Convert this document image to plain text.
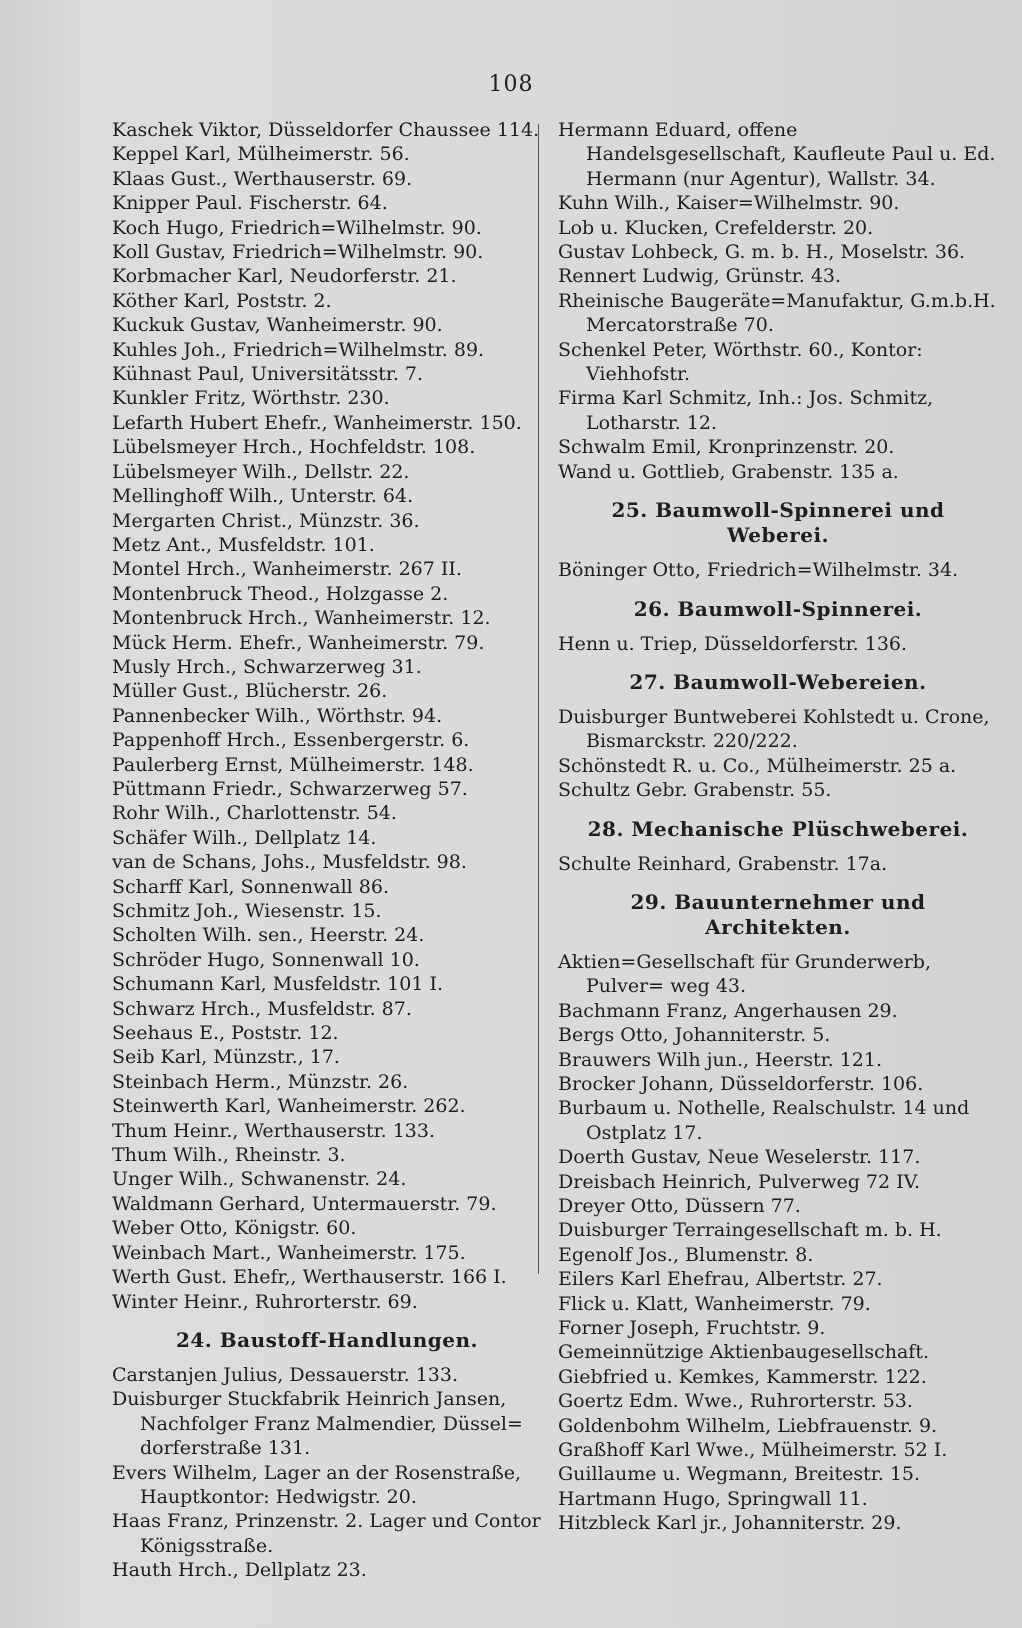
108
Kaschek Viktor, Düsseldorfer Chaussee 114.
Keppel Karl, Mülheimerstr. 56.
Klaas Gust., Werthauserstr. 69.
Knipper Paul. Fischerstr. 64.
Koch Hugo, Friedrich=Wilhelmstr. 90.
Koll Gustav, Friedrich=Wilhelmstr. 90.
Korbmacher Karl, Neudorferstr. 21.
Köther Karl, Poststr. 2.
Kuckuk Gustav, Wanheimerstr. 90.
Kuhles Joh., Friedrich=Wilhelmstr. 89.
Kühnast Paul, Universitätsstr. 7.
Kunkler Fritz, Wörthstr. 230.
Lefarth Hubert Ehefr., Wanheimerstr. 150.
Lübelsmeyer Hrch., Hochfeldstr. 108.
Lübelsmeyer Wilh., Dellstr. 22.
Mellinghoff Wilh., Unterstr. 64.
Mergarten Christ., Münzstr. 36.
Metz Ant., Musfeldstr. 101.
Montel Hrch., Wanheimerstr. 267 II.
Montenbruck Theod., Holzgasse 2.
Montenbruck Hrch., Wanheimerstr. 12.
Mück Herm. Ehefr., Wanheimerstr. 79.
Musly Hrch., Schwarzerweg 31.
Müller Gust., Blücherstr. 26.
Pannenbecker Wilh., Wörthstr. 94.
Pappenhoff Hrch., Essenbergerstr. 6.
Paulerberg Ernst, Mülheimerstr. 148.
Püttmann Friedr., Schwarzerweg 57.
Rohr Wilh., Charlottenstr. 54.
Schäfer Wilh., Dellplatz 14.
van de Schans, Johs., Musfeldstr. 98.
Scharff Karl, Sonnenwall 86.
Schmitz Joh., Wiesenstr. 15.
Scholten Wilh. sen., Heerstr. 24.
Schröder Hugo, Sonnenwall 10.
Schumann Karl, Musfeldstr. 101 I.
Schwarz Hrch., Musfeldstr. 87.
Seehaus E., Poststr. 12.
Seib Karl, Münzstr., 17.
Steinbach Herm., Münzstr. 26.
Steinwerth Karl, Wanheimerstr. 262.
Thum Heinr., Werthauserstr. 133.
Thum Wilh., Rheinstr. 3.
Unger Wilh., Schwanenstr. 24.
Waldmann Gerhard, Untermauerstr. 79.
Weber Otto, Königstr. 60.
Weinbach Mart., Wanheimerstr. 175.
Werth Gust. Ehefr,, Werthauserstr. 166 I.
Winter Heinr., Ruhrorterstr. 69.
24. Baustoff-Handlungen.
Carstanjen Julius, Dessauerstr. 133.
Duisburger Stuckfabrik Heinrich Jansen, Nachfolger Franz Malmendier, Düssel= dorferstraße 131.
Evers Wilhelm, Lager an der Rosenstraße, Hauptkontor: Hedwigstr. 20.
Haas Franz, Prinzenstr. 2. Lager und Contor Königsstraße.
Hauth Hrch., Dellplatz 23.
Hermann Eduard, offene Handelsgesellschaft, Kaufleute Paul u. Ed. Hermann (nur Agentur), Wallstr. 34.
Kuhn Wilh., Kaiser=Wilhelmstr. 90.
Lob u. Klucken, Crefelderstr. 20.
Gustav Lohbeck, G. m. b. H., Moselstr. 36.
Rennert Ludwig, Grünstr. 43.
Rheinische Baugeräte=Manufaktur, G.m.b.H. Mercatorstraße 70.
Schenkel Peter, Wörthstr. 60., Kontor: Viehhofstr.
Firma Karl Schmitz, Inh.: Jos. Schmitz, Lotharstr. 12.
Schwalm Emil, Kronprinzenstr. 20.
Wand u. Gottlieb, Grabenstr. 135 a.
25. Baumwoll-Spinnerei und Weberei.
Böninger Otto, Friedrich=Wilhelmstr. 34.
26. Baumwoll-Spinnerei.
Henn u. Triep, Düsseldorferstr. 136.
27. Baumwoll-Webereien.
Duisburger Buntweberei Kohlstedt u. Crone, Bismarckstr. 220/222.
Schönstedt R. u. Co., Mülheimerstr. 25 a.
Schultz Gebr. Grabenstr. 55.
28. Mechanische Plüschweberei.
Schulte Reinhard, Grabenstr. 17a.
29. Bauunternehmer und Architekten.
Aktien=Gesellschaft für Grunderwerb, Pulver= weg 43.
Bachmann Franz, Angerhausen 29.
Bergs Otto, Johanniterstr. 5.
Brauwers Wilh jun., Heerstr. 121.
Brocker Johann, Düsseldorferstr. 106.
Burbaum u. Nothelle, Realschulstr. 14 und Ostplatz 17.
Doerth Gustav, Neue Weselerstr. 117.
Dreisbach Heinrich, Pulverweg 72 IV.
Dreyer Otto, Düssern 77.
Duisburger Terraingesellschaft m. b. H.
Egenolf Jos., Blumenstr. 8.
Eilers Karl Ehefrau, Albertstr. 27.
Flick u. Klatt, Wanheimerstr. 79.
Forner Joseph, Fruchtstr. 9.
Gemeinnützige Aktienbaugesellschaft.
Giebfried u. Kemkes, Kammerstr. 122.
Goertz Edm. Wwe., Ruhrorterstr. 53.
Goldenbohm Wilhelm, Liebfrauenstr. 9.
Graßhoff Karl Wwe., Mülheimerstr. 52 I.
Guillaume u. Wegmann, Breitestr. 15.
Hartmann Hugo, Springwall 11.
Hitzbleck Karl jr., Johanniterstr. 29.
